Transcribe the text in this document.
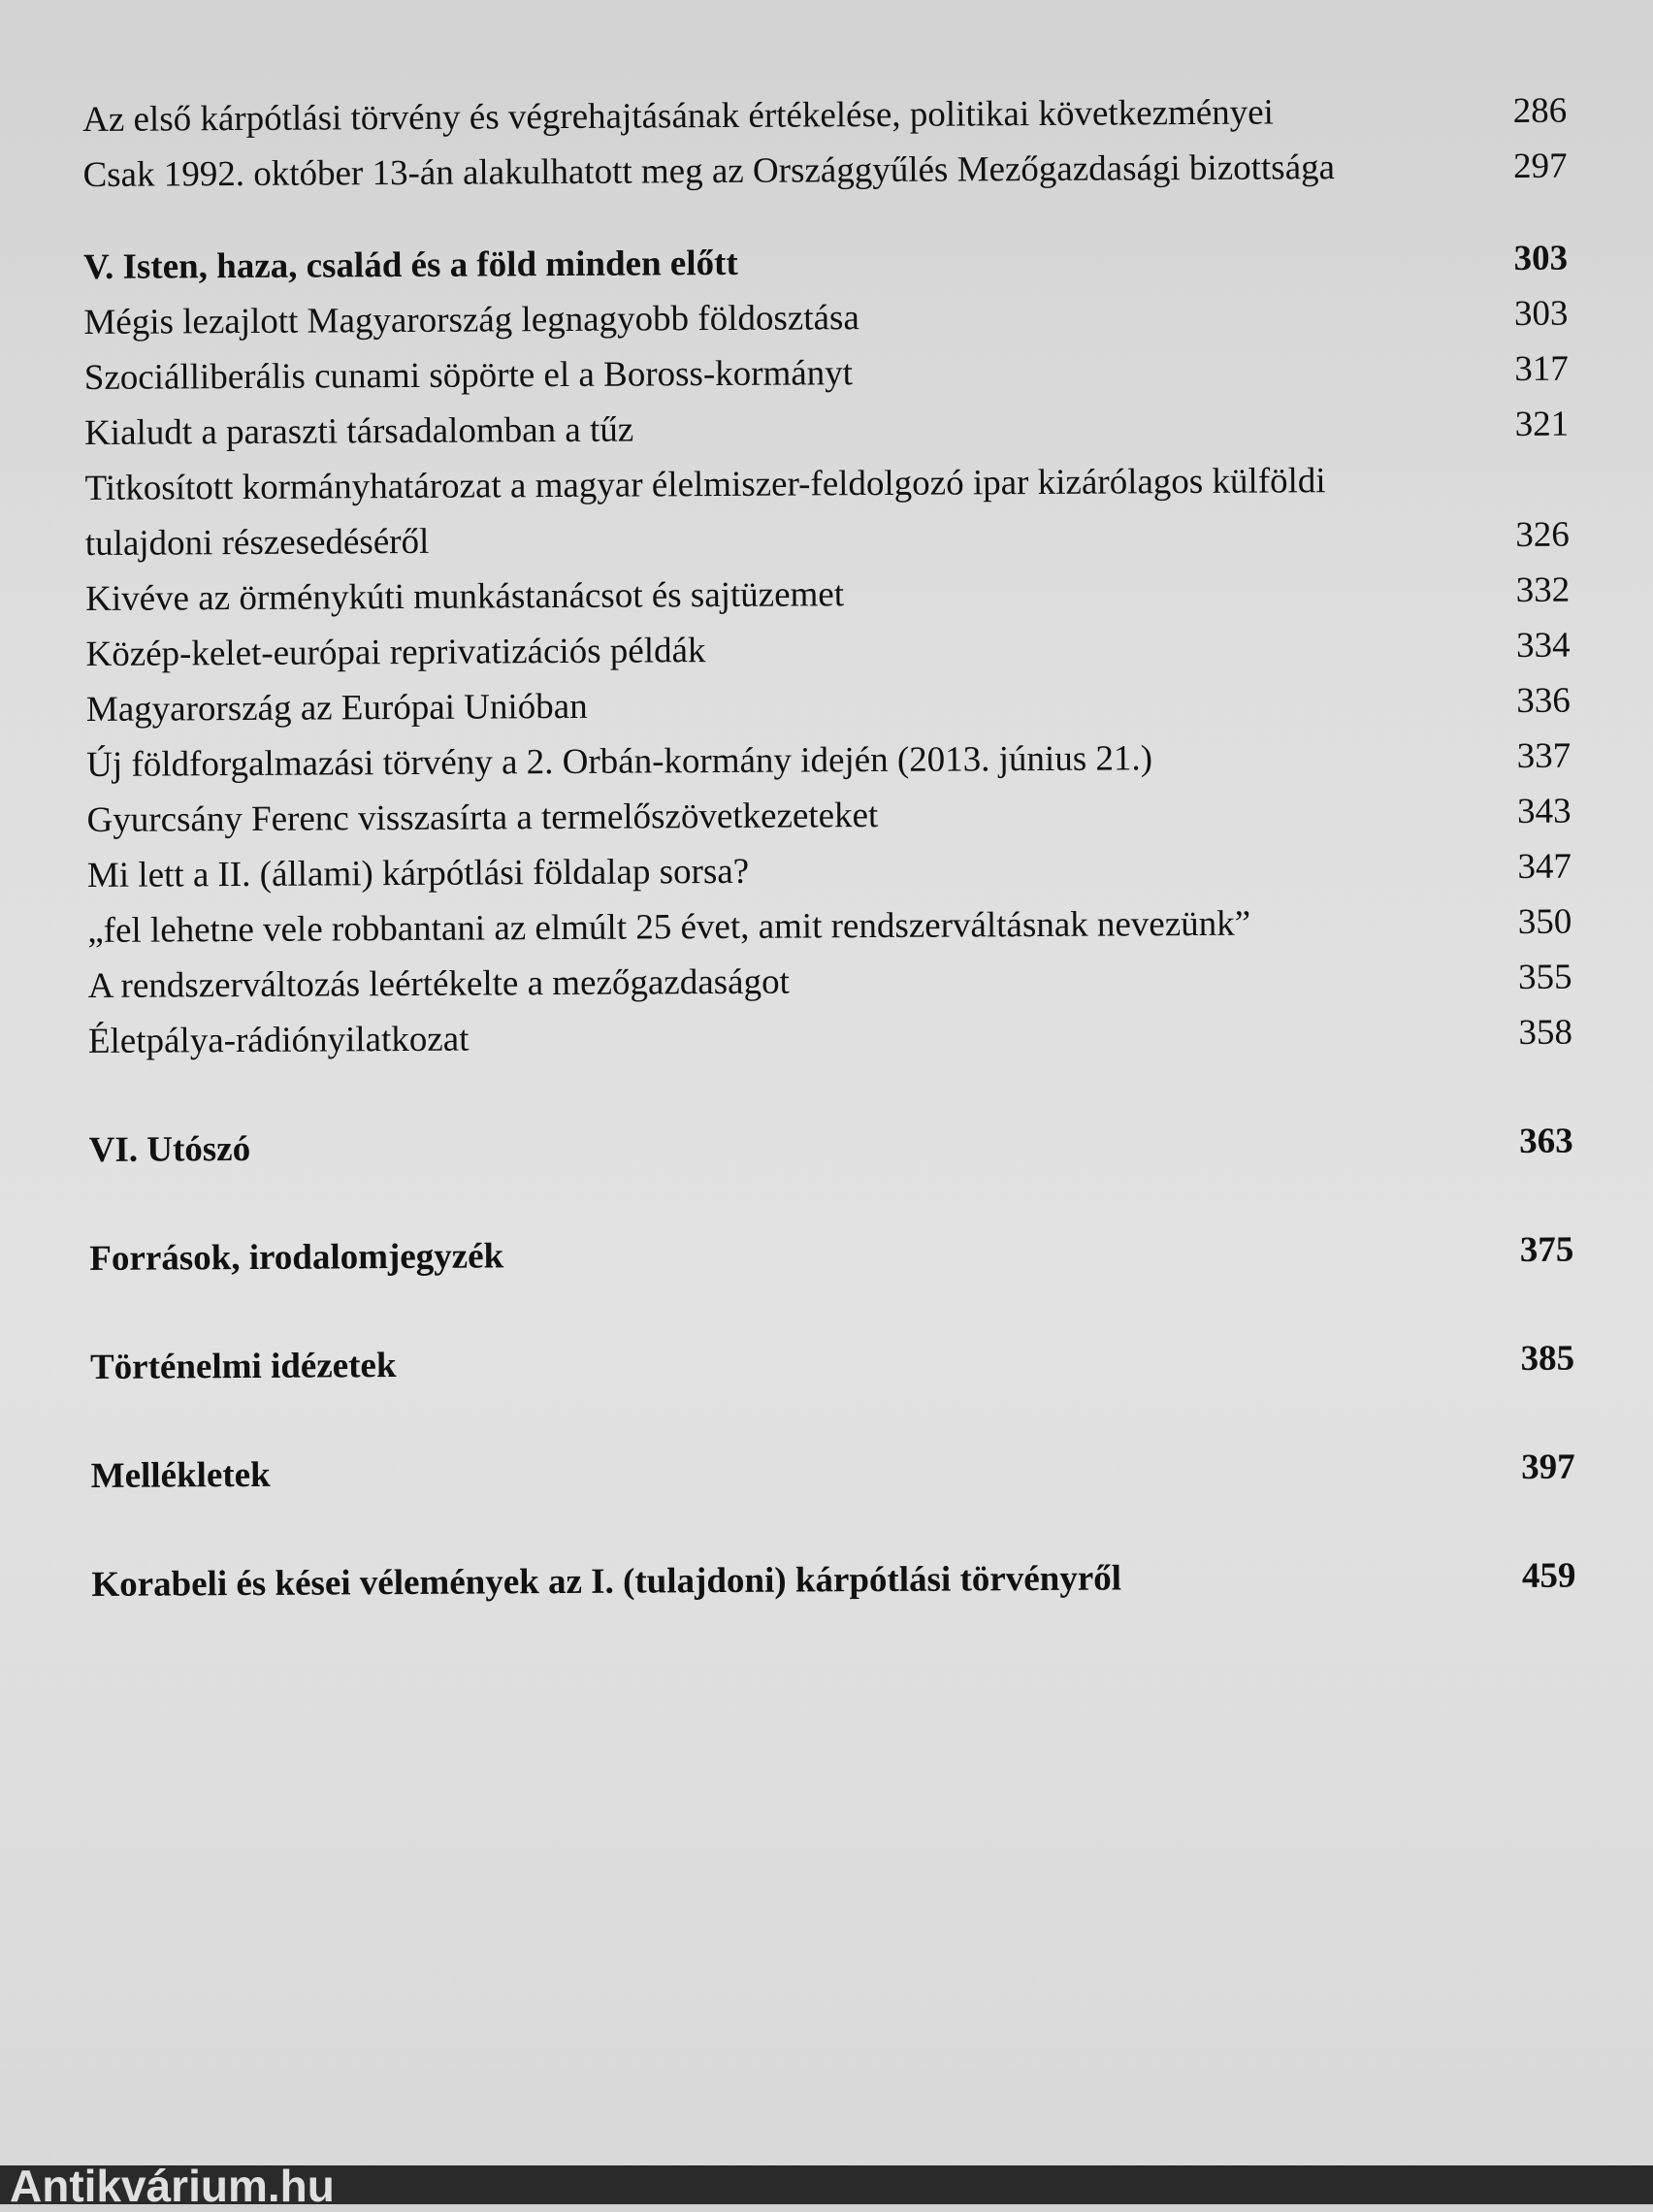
Az első kárpótlási törvény és végrehajtásának értékelése, politikai következményei	286
Csak 1992. október 13-án alakulhatott meg az Országgyűlés Mezőgazdasági bizottsága	297
V. Isten, haza, család és a föld minden előtt	303
Mégis lezajlott Magyarország legnagyobb földosztása	303
Szociálliberális cunami söpörte el a Boross-kormányt	317
Kialudt a paraszti társadalomban a tűz	321
Titkosított kormányhatározat a magyar élelmiszer-feldolgozó ipar kizárólagos külföldi tulajdoni részesedéséről	326
Kivéve az örménykúti munkástanácsot és sajtüzemet	332
Közép-kelet-európai reprivatizációs példák	334
Magyarország az Európai Unióban	336
Új földforgalmazási törvény a 2. Orbán-kormány idején (2013. június 21.)	337
Gyurcsány Ferenc visszasírta a termelőszövetkezeteket	343
Mi lett a II. (állami) kárpótlási földalap sorsa?	347
„fel lehetne vele robbantani az elmúlt 25 évet, amit rendszerváltásnak nevezünk”	350
A rendszerváltozás leértékelte a mezőgazdaságot	355
Életpálya-rádiónyilatkozat	358
VI. Utószó	363
Források, irodalomjegyzék	375
Történelmi idézetek	385
Mellékletek	397
Korabeli és kései vélemények az I. (tulajdoni) kárpótlási törvényről	459
Antikvárium.hu
